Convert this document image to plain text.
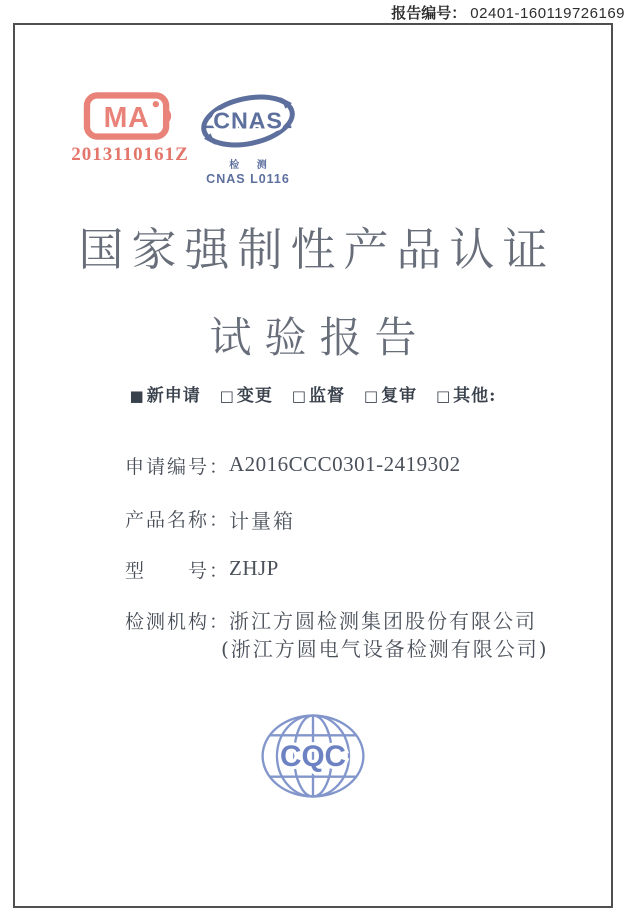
报告编号： 02401-160119726169
MA
2013110161Z
CNAS
检 测
CNAS L0116
国家强制性产品认证
试验报告
■ 新申请 □ 变更 □ 监督 □ 复审 □ 其他:
申请编号：
A2016CCC0301-2419302
产品名称：
计量箱
型　　号：
ZHJP
检测机构：
浙江方圆检测集团股份有限公司
(浙江方圆电气设备检测有限公司)
CQC
